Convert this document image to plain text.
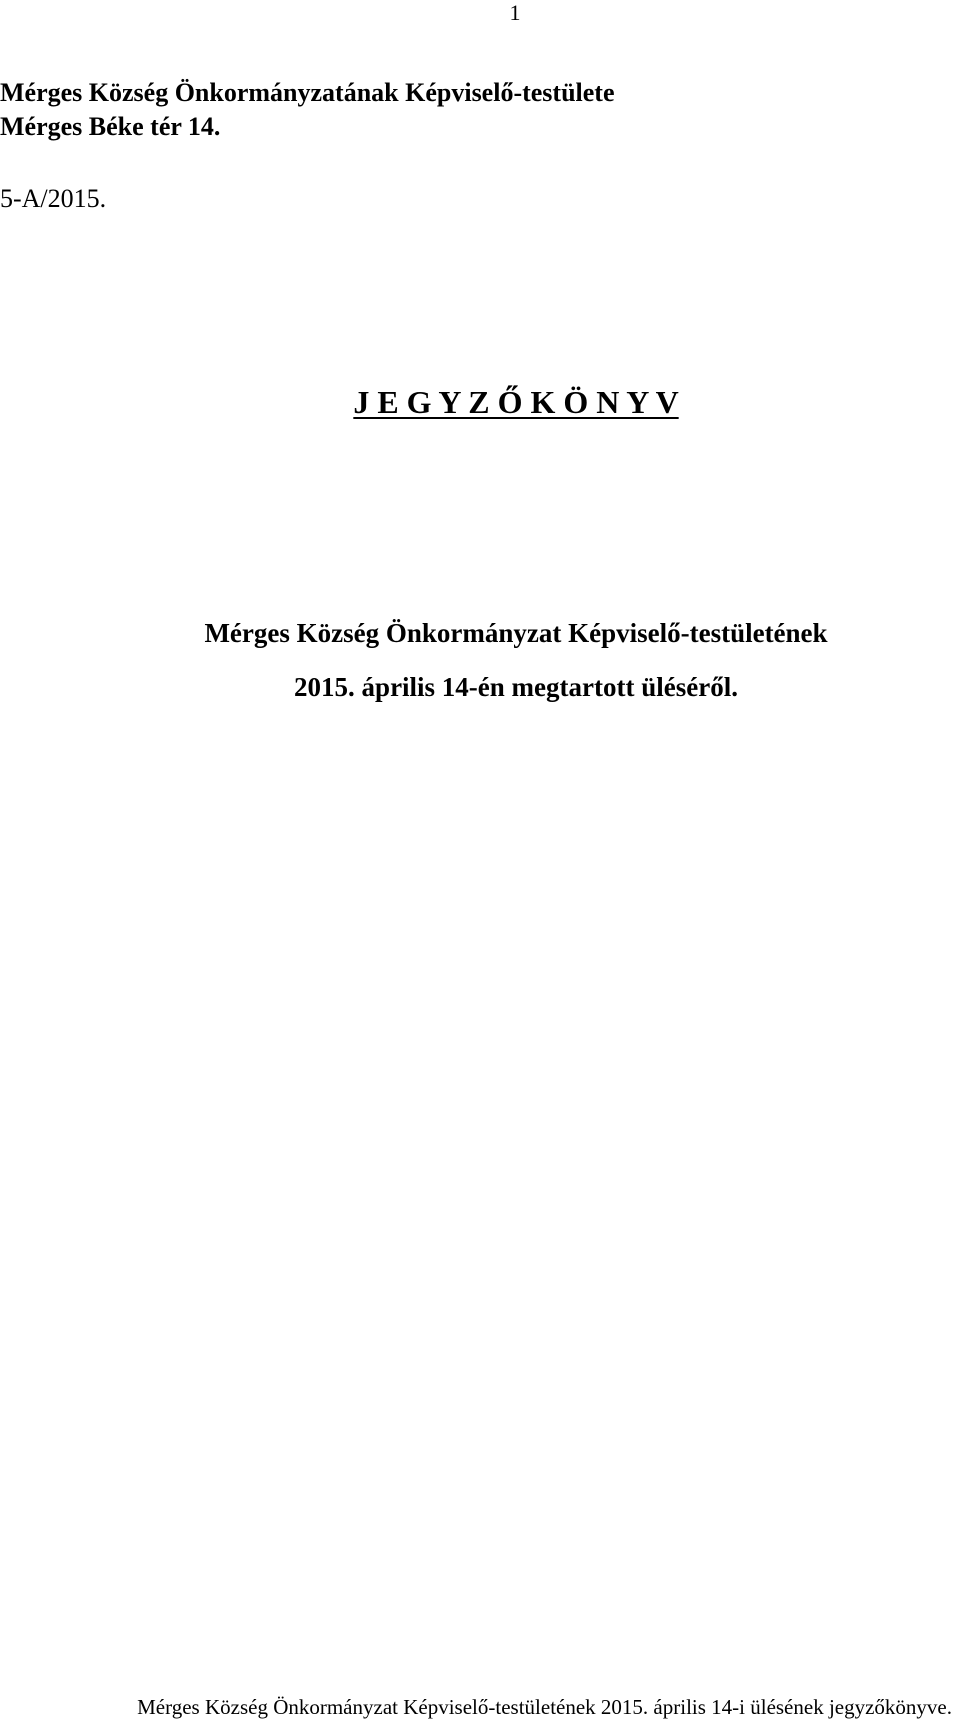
1
Mérges Község Önkormányzatának Képviselő-testülete
Mérges Béke tér 14.
5-A/2015.
J E G Y Z Ő K Ö N Y V
Mérges Község Önkormányzat Képviselő-testületének
2015. április 14-én megtartott üléséről.
Mérges Község Önkormányzat Képviselő-testületének 2015. április 14-i ülésének jegyzőkönyve.
